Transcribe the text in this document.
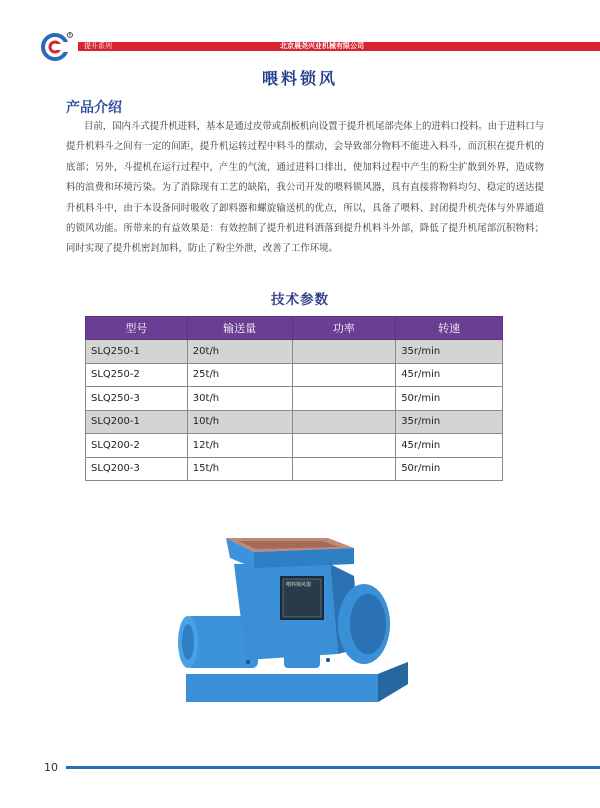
R
提升系列	北京晨尧兴业机械有限公司
喂料锁风
产品介绍

目前，国内斗式提升机进料，基本是通过皮带或刮板机向设置于提升机尾部壳体上的进料口投料。由于进料口与提升机料斗之间有一定的间距，提升机运转过程中料斗的摆动，会导致部分物料不能进入料斗，而沉积在提升机的底部；另外，斗提机在运行过程中，产生的气流，通过进料口排出，使加料过程中产生的粉尘扩散到外界，造成物料的浪费和环境污染。为了消除现有工艺的缺陷，我公司开发的喂料锁风器，具有直接将物料均匀、稳定的送达提升机料斗中，由于本设备同时吸收了卸料器和螺旋输送机的优点，所以，具备了喂料、封闭提升机壳体与外界通道的锁风功能。所带来的有益效果是：有效控制了提升机进料洒落到提升机料斗外部，降低了提升机尾部沉积物料；同时实现了提升机密封加料，防止了粉尘外泄，改善了工作环境。

技术参数
型号	输送量	功率	转速
SLQ250-1	20t/h		35r/min
SLQ250-2	25t/h		45r/min
SLQ250-3	30t/h		50r/min
SLQ200-1	10t/h		35r/min
SLQ200-2	12t/h		45r/min
SLQ200-3	15t/h		50r/min
喂料锁风器
10
